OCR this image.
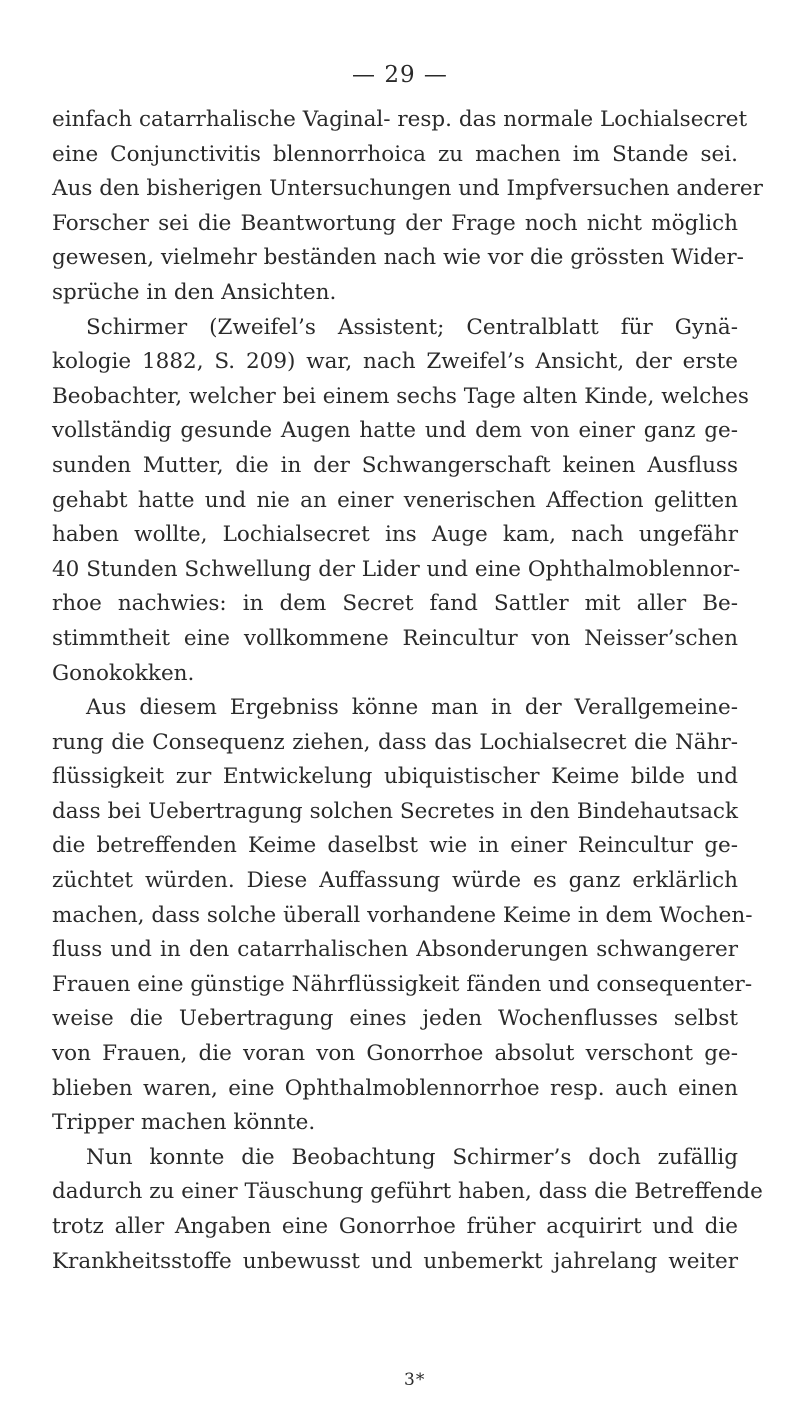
— 29 —
einfach catarrhalische Vaginal- resp. das normale Lochialsecret
eine Conjunctivitis blennorrhoica zu machen im Stande sei.
Aus den bisherigen Untersuchungen und Impfversuchen anderer
Forscher sei die Beantwortung der Frage noch nicht möglich
gewesen, vielmehr beständen nach wie vor die grössten Wider-
sprüche in den Ansichten.
Schirmer (Zweifel’s Assistent; Centralblatt für Gynä-
kologie 1882, S. 209) war, nach Zweifel’s Ansicht, der erste
Beobachter, welcher bei einem sechs Tage alten Kinde, welches
vollständig gesunde Augen hatte und dem von einer ganz ge-
sunden Mutter, die in der Schwangerschaft keinen Ausfluss
gehabt hatte und nie an einer venerischen Affection gelitten
haben wollte, Lochialsecret ins Auge kam, nach ungefähr
40 Stunden Schwellung der Lider und eine Ophthalmoblennor-
rhoe nachwies: in dem Secret fand Sattler mit aller Be-
stimmtheit eine vollkommene Reincultur von Neisser’schen
Gonokokken.
Aus diesem Ergebniss könne man in der Verallgemeine-
rung die Consequenz ziehen, dass das Lochialsecret die Nähr-
flüssigkeit zur Entwickelung ubiquistischer Keime bilde und
dass bei Uebertragung solchen Secretes in den Bindehautsack
die betreffenden Keime daselbst wie in einer Reincultur ge-
züchtet würden. Diese Auffassung würde es ganz erklärlich
machen, dass solche überall vorhandene Keime in dem Wochen-
fluss und in den catarrhalischen Absonderungen schwangerer
Frauen eine günstige Nährflüssigkeit fänden und consequenter-
weise die Uebertragung eines jeden Wochenflusses selbst
von Frauen, die voran von Gonorrhoe absolut verschont ge-
blieben waren, eine Ophthalmoblennorrhoe resp. auch einen
Tripper machen könnte.
Nun konnte die Beobachtung Schirmer’s doch zufällig
dadurch zu einer Täuschung geführt haben, dass die Betreffende
trotz aller Angaben eine Gonorrhoe früher acquirirt und die
Krankheitsstoffe unbewusst und unbemerkt jahrelang weiter
3*
